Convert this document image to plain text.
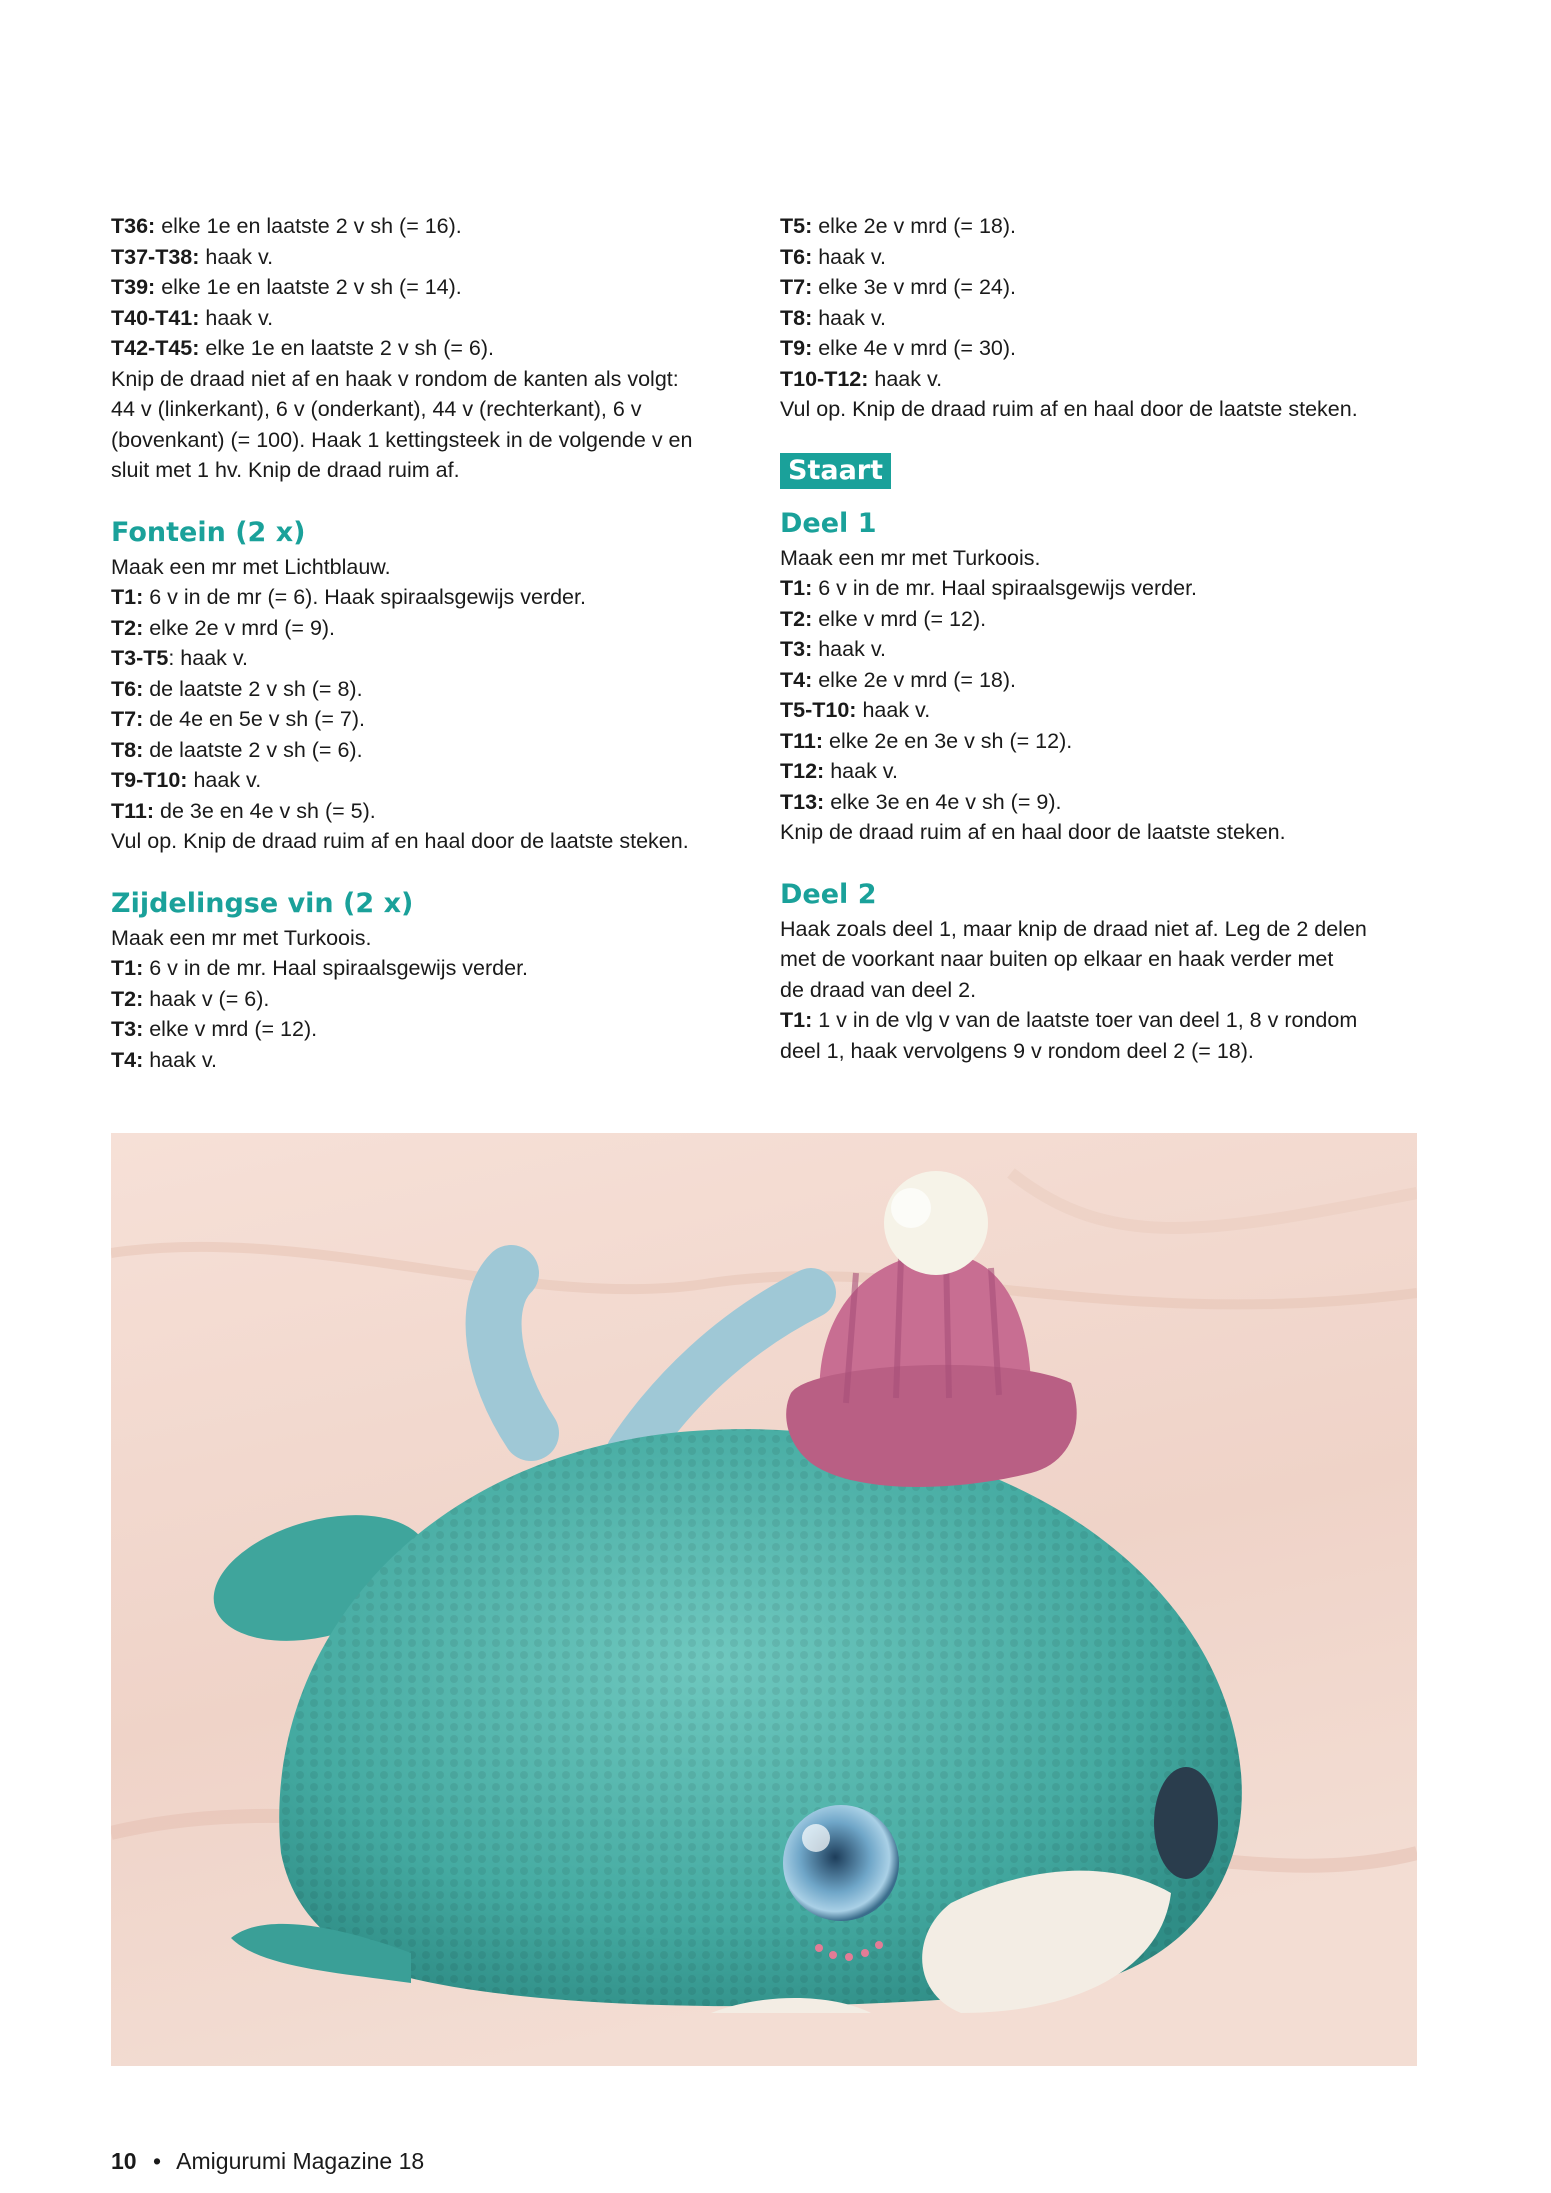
T36: elke 1e en laatste 2 v sh (= 16).
T37-T38: haak v.
T39: elke 1e en laatste 2 v sh (= 14).
T40-T41: haak v.
T42-T45: elke 1e en laatste 2 v sh (= 6).
Knip de draad niet af en haak v rondom de kanten als volgt:
44 v (linkerkant), 6 v (onderkant), 44 v (rechterkant), 6 v
(bovenkant) (= 100). Haak 1 kettingsteek in de volgende v en
sluit met 1 hv. Knip de draad ruim af.
Fontein (2 x)
Maak een mr met Lichtblauw.
T1: 6 v in de mr (= 6). Haak spiraalsgewijs verder.
T2: elke 2e v mrd (= 9).
T3-T5: haak v.
T6: de laatste 2 v sh (= 8).
T7: de 4e en 5e v sh (= 7).
T8: de laatste 2 v sh (= 6).
T9-T10: haak v.
T11: de 3e en 4e v sh (= 5).
Vul op. Knip de draad ruim af en haal door de laatste steken.
Zijdelingse vin (2 x)
Maak een mr met Turkoois.
T1: 6 v in de mr. Haal spiraalsgewijs verder.
T2: haak v (= 6).
T3: elke v mrd (= 12).
T4: haak v.
T5: elke 2e v mrd (= 18).
T6: haak v.
T7: elke 3e v mrd (= 24).
T8: haak v.
T9: elke 4e v mrd (= 30).
T10-T12: haak v.
Vul op. Knip de draad ruim af en haal door de laatste steken.
Staart
Deel 1
Maak een mr met Turkoois.
T1: 6 v in de mr. Haal spiraalsgewijs verder.
T2: elke v mrd (= 12).
T3: haak v.
T4: elke 2e v mrd (= 18).
T5-T10: haak v.
T11: elke 2e en 3e v sh (= 12).
T12: haak v.
T13: elke 3e en 4e v sh (= 9).
Knip de draad ruim af en haal door de laatste steken.
Deel 2
Haak zoals deel 1, maar knip de draad niet af. Leg de 2 delen
met de voorkant naar buiten op elkaar en haak verder met
de draad van deel 2.
T1: 1 v in de vlg v van de laatste toer van deel 1, 8 v rondom
deel 1, haak vervolgens 9 v rondom deel 2 (= 18).
10 • Amigurumi Magazine 18
